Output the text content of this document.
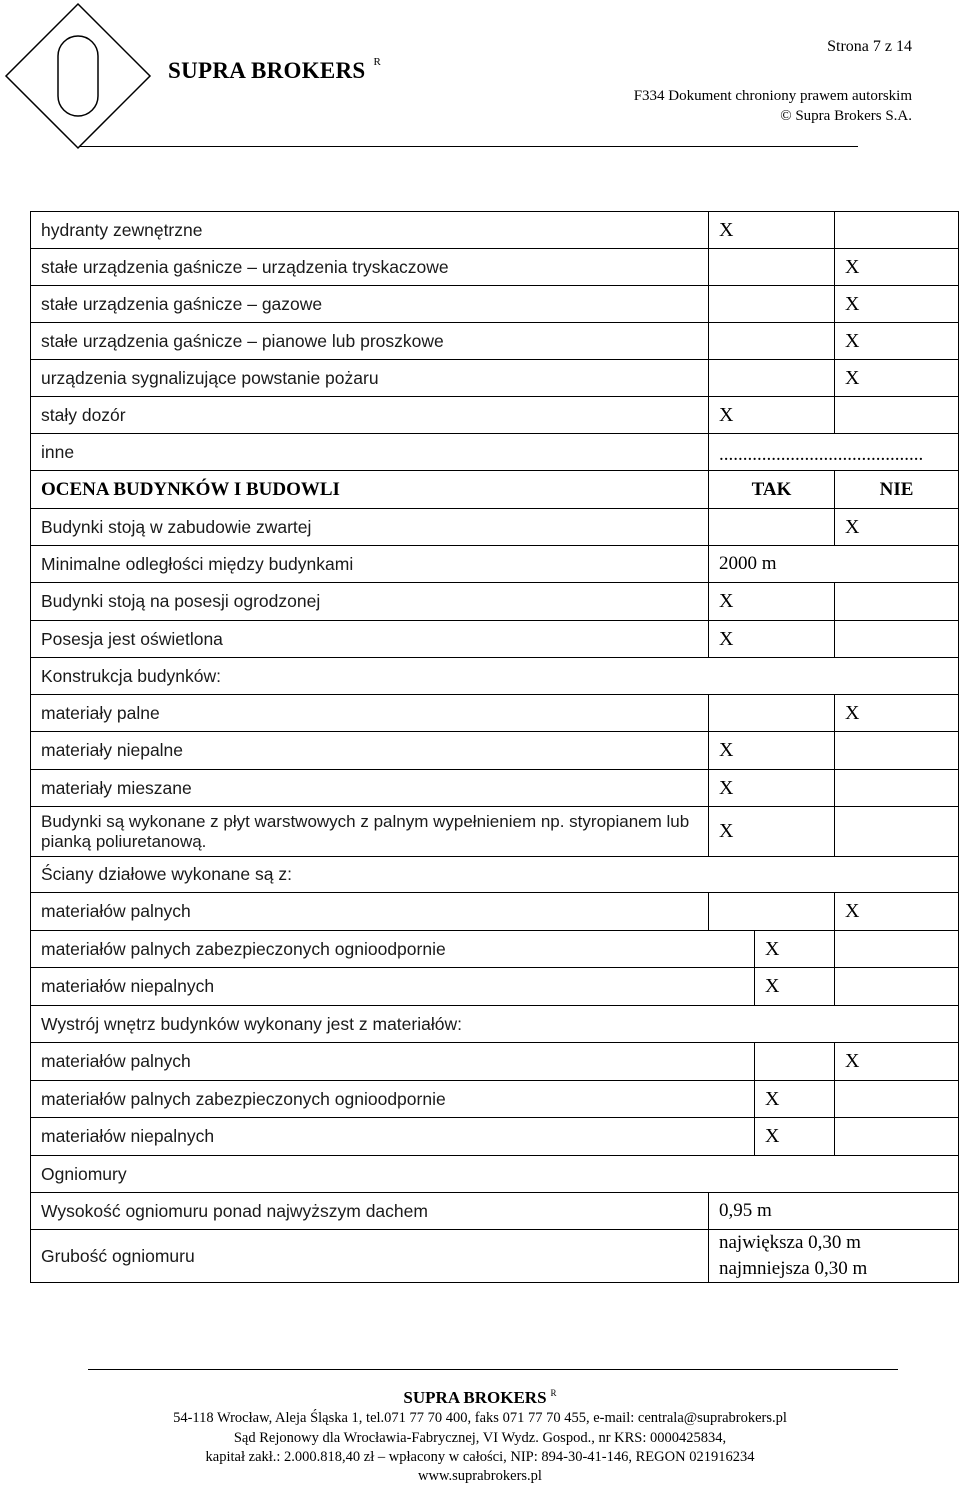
SUPRA BROKERS $^R$
Strona 7 z 14
F334 Dokument chroniony prawem autorskim
© Supra Brokers S.A.
hydranty zewnętrzne	X		
stałe urządzenia gaśnicze – urządzenia tryskaczowe			X
stałe urządzenia gaśnicze – gazowe			X
stałe urządzenia gaśnicze – pianowe lub proszkowe			X
urządzenia sygnalizujące powstanie pożaru			X
stały dozór	X		
inne	...........................................		
OCENA BUDYNKÓW I BUDOWLI	TAK		NIE
Budynki stoją w zabudowie zwartej			X
Minimalne odległości między budynkami	2000 m		
Budynki stoją na posesji ogrodzonej	X		
Posesja jest oświetlona	X		
Konstrukcja budynków:			
materiały palne			X
materiały niepalne	X		
materiały mieszane	X		
Budynki są wykonane z płyt warstwowych z palnym wypełnieniem np. styropianem lub pianką poliuretanową.	X		
Ściany działowe wykonane są z:			
materiałów palnych			X
materiałów palnych zabezpieczonych ognioodpornie		X	
materiałów niepalnych		X	
Wystrój wnętrz budynków wykonany jest z materiałów:			
materiałów palnych			X
materiałów palnych zabezpieczonych ognioodpornie		X	
materiałów niepalnych		X	
Ogniomury			
Wysokość ogniomuru ponad najwyższym dachem	0,95 m		
Grubość ogniomuru	największa 0,30 m
najmniejsza 0,30 m		
SUPRA BROKERS $^R$
54-118 Wrocław, Aleja Śląska 1, tel.071 77 70 400, faks 071 77 70 455, e-mail: centrala@suprabrokers.pl
Sąd Rejonowy dla Wrocławia-Fabrycznej, VI Wydz. Gospod., nr KRS: 0000425834,
kapitał zakł.: 2.000.818,40 zł – wpłacony w całości, NIP: 894-30-41-146, REGON 021916234
www.suprabrokers.pl
